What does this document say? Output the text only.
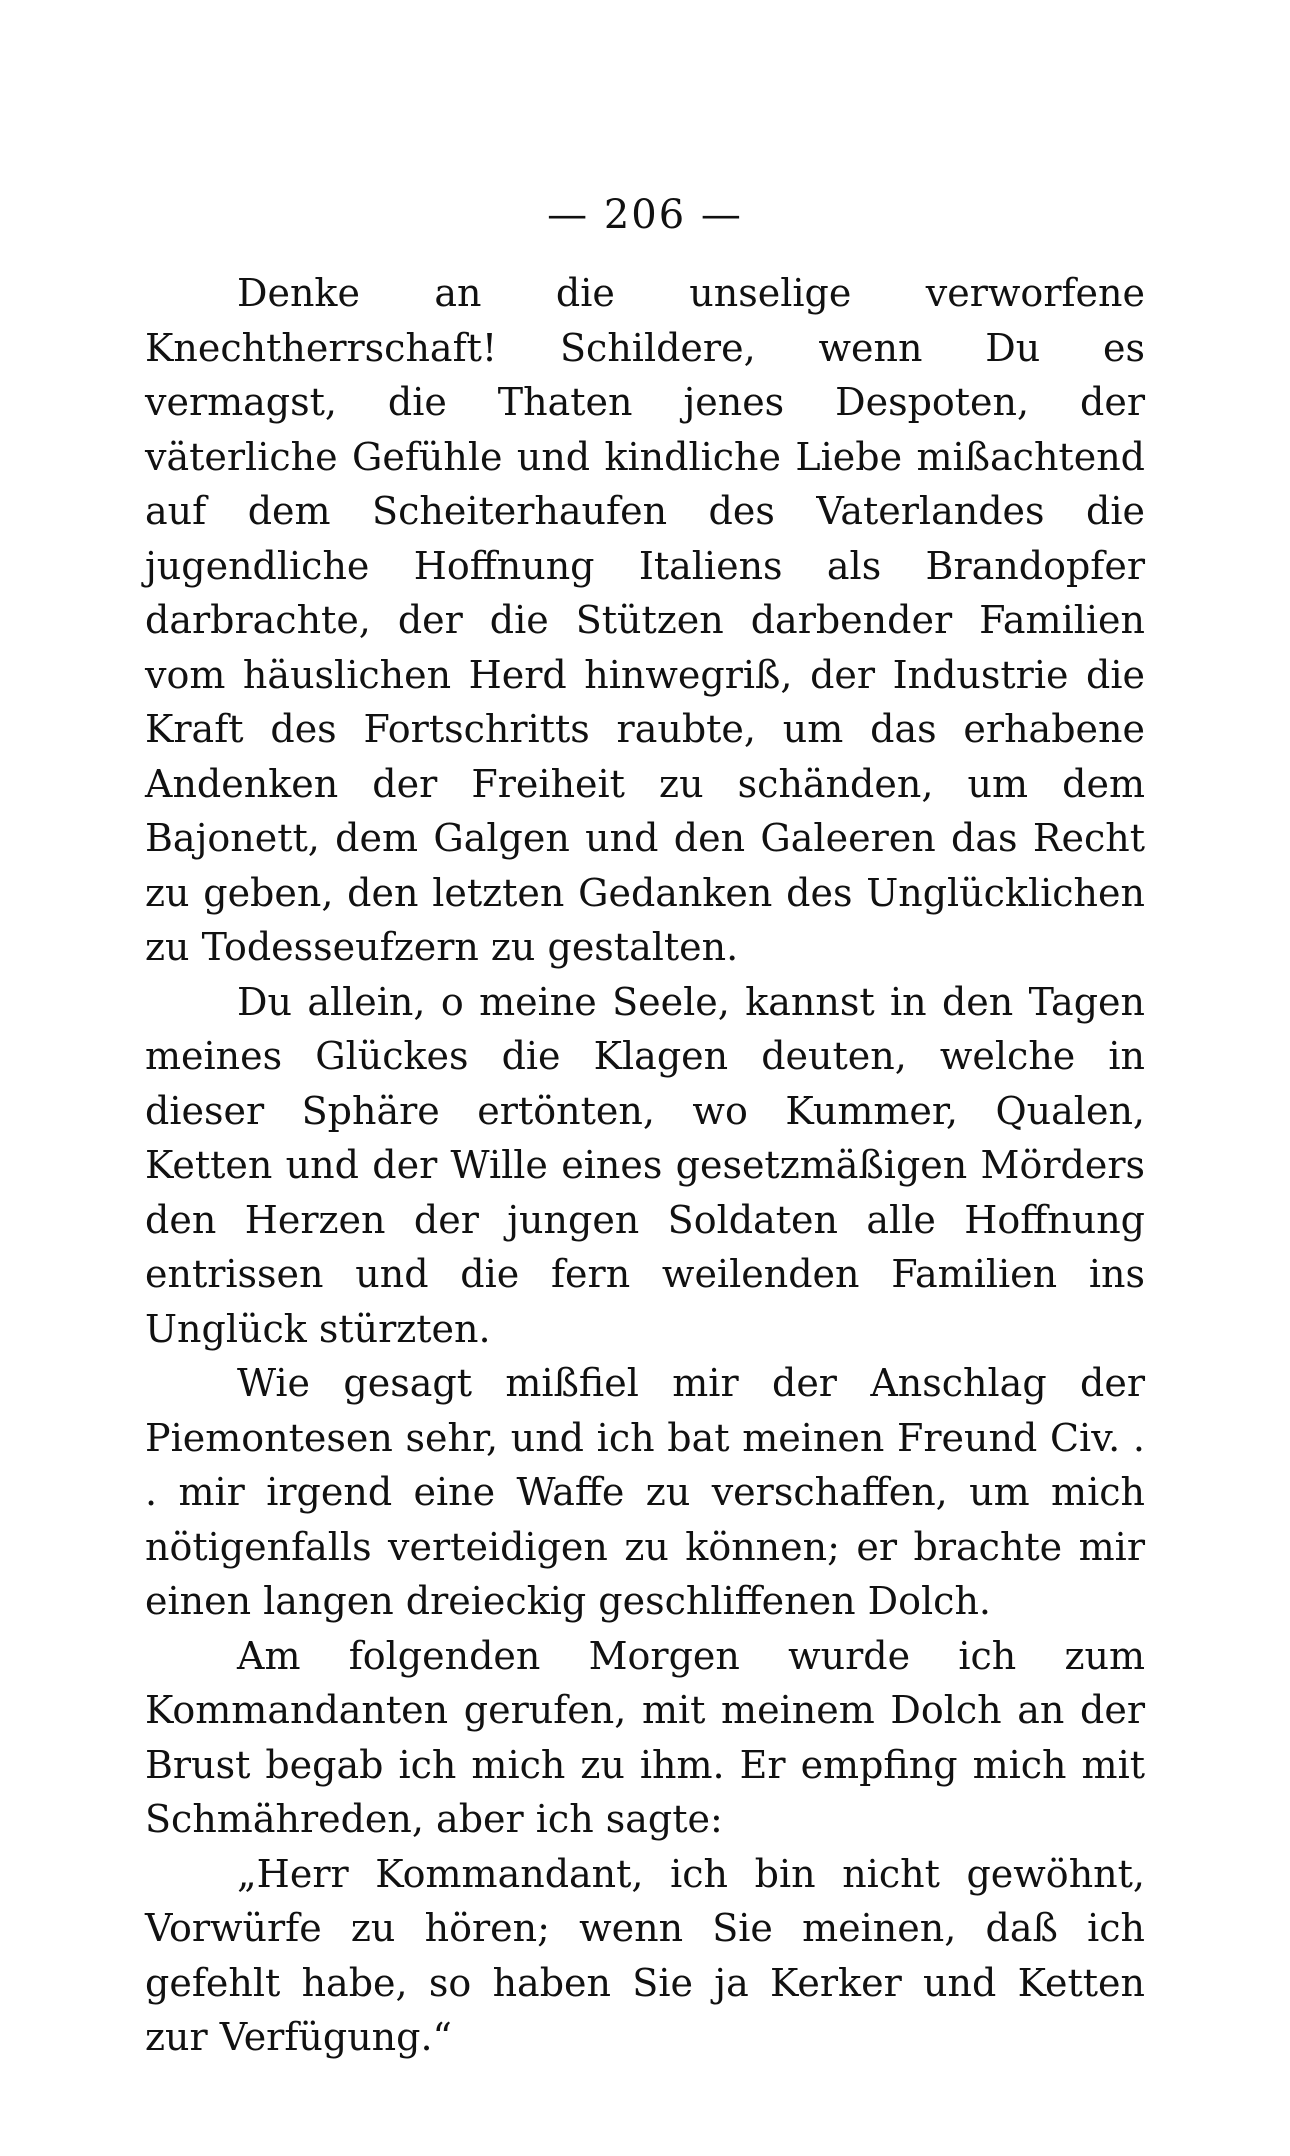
— 206 —

Denke an die unselige verworfene Knechtherrschaft! Schildere, wenn Du es vermagst, die Thaten jenes Despoten, der väterliche Gefühle und kindliche Liebe mißachtend auf dem Scheiterhaufen des Vaterlandes die jugendliche Hoffnung Italiens als Brandopfer darbrachte, der die Stützen darbender Familien vom häuslichen Herd hinwegriß, der Industrie die Kraft des Fortschritts raubte, um das erhabene Andenken der Freiheit zu schänden, um dem Bajonett, dem Galgen und den Galeeren das Recht zu geben, den letzten Gedanken des Unglücklichen zu Todesseufzern zu gestalten.

Du allein, o meine Seele, kannst in den Tagen meines Glückes die Klagen deuten, welche in dieser Sphäre ertönten, wo Kummer, Qualen, Ketten und der Wille eines gesetzmäßigen Mörders den Herzen der jungen Soldaten alle Hoffnung entrissen und die fern weilenden Familien ins Unglück stürzten.

Wie gesagt mißfiel mir der Anschlag der Piemontesen sehr, und ich bat meinen Freund Civ. . . mir irgend eine Waffe zu verschaffen, um mich nötigenfalls verteidigen zu können; er brachte mir einen langen dreieckig geschliffenen Dolch.

Am folgenden Morgen wurde ich zum Kommandanten gerufen, mit meinem Dolch an der Brust begab ich mich zu ihm. Er empfing mich mit Schmähreden, aber ich sagte:

„Herr Kommandant, ich bin nicht gewöhnt, Vorwürfe zu hören; wenn Sie meinen, daß ich gefehlt habe, so haben Sie ja Kerker und Ketten zur Verfügung.“
